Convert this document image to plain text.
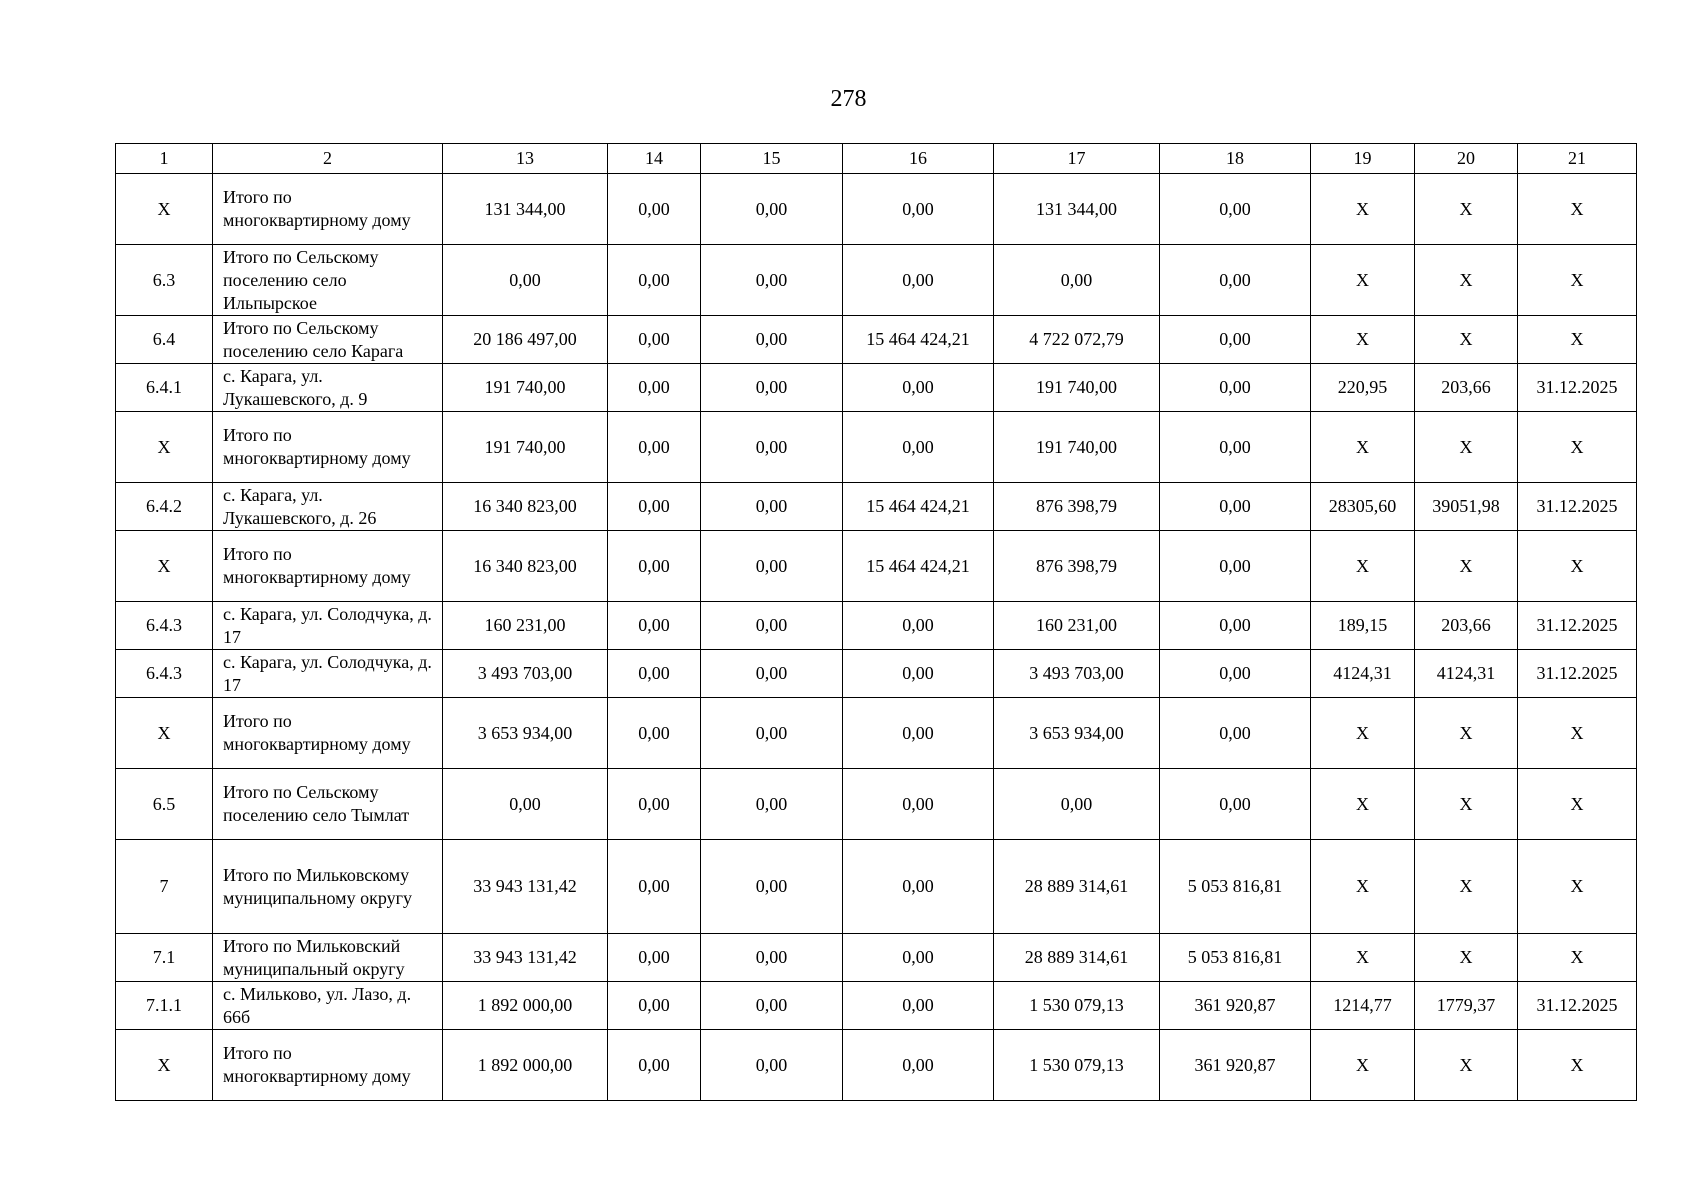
278
1	2	13	14	15	16	17	18	19	20	21
Х	Итого по многоквартирному дому	131 344,00	0,00	0,00	0,00	131 344,00	0,00	Х	Х	Х
6.3	Итого по Сельскому поселению село Ильпырское	0,00	0,00	0,00	0,00	0,00	0,00	Х	Х	Х
6.4	Итого по Сельскому поселению село Карага	20 186 497,00	0,00	0,00	15 464 424,21	4 722 072,79	0,00	Х	Х	Х
6.4.1	с. Карага, ул. Лукашевского, д. 9	191 740,00	0,00	0,00	0,00	191 740,00	0,00	220,95	203,66	31.12.2025
Х	Итого по многоквартирному дому	191 740,00	0,00	0,00	0,00	191 740,00	0,00	Х	Х	Х
6.4.2	с. Карага, ул. Лукашевского, д. 26	16 340 823,00	0,00	0,00	15 464 424,21	876 398,79	0,00	28305,60	39051,98	31.12.2025
Х	Итого по многоквартирному дому	16 340 823,00	0,00	0,00	15 464 424,21	876 398,79	0,00	Х	Х	Х
6.4.3	с. Карага, ул. Солодчука, д. 17	160 231,00	0,00	0,00	0,00	160 231,00	0,00	189,15	203,66	31.12.2025
6.4.3	с. Карага, ул. Солодчука, д. 17	3 493 703,00	0,00	0,00	0,00	3 493 703,00	0,00	4124,31	4124,31	31.12.2025
Х	Итого по многоквартирному дому	3 653 934,00	0,00	0,00	0,00	3 653 934,00	0,00	Х	Х	Х
6.5	Итого по Сельскому поселению село Тымлат	0,00	0,00	0,00	0,00	0,00	0,00	Х	Х	Х
7	Итого по Мильковскому муниципальному округу	33 943 131,42	0,00	0,00	0,00	28 889 314,61	5 053 816,81	Х	Х	Х
7.1	Итого по Мильковский муниципальный округу	33 943 131,42	0,00	0,00	0,00	28 889 314,61	5 053 816,81	Х	Х	Х
7.1.1	с. Мильково, ул. Лазо, д. 66б	1 892 000,00	0,00	0,00	0,00	1 530 079,13	361 920,87	1214,77	1779,37	31.12.2025
Х	Итого по многоквартирному дому	1 892 000,00	0,00	0,00	0,00	1 530 079,13	361 920,87	Х	Х	Х
